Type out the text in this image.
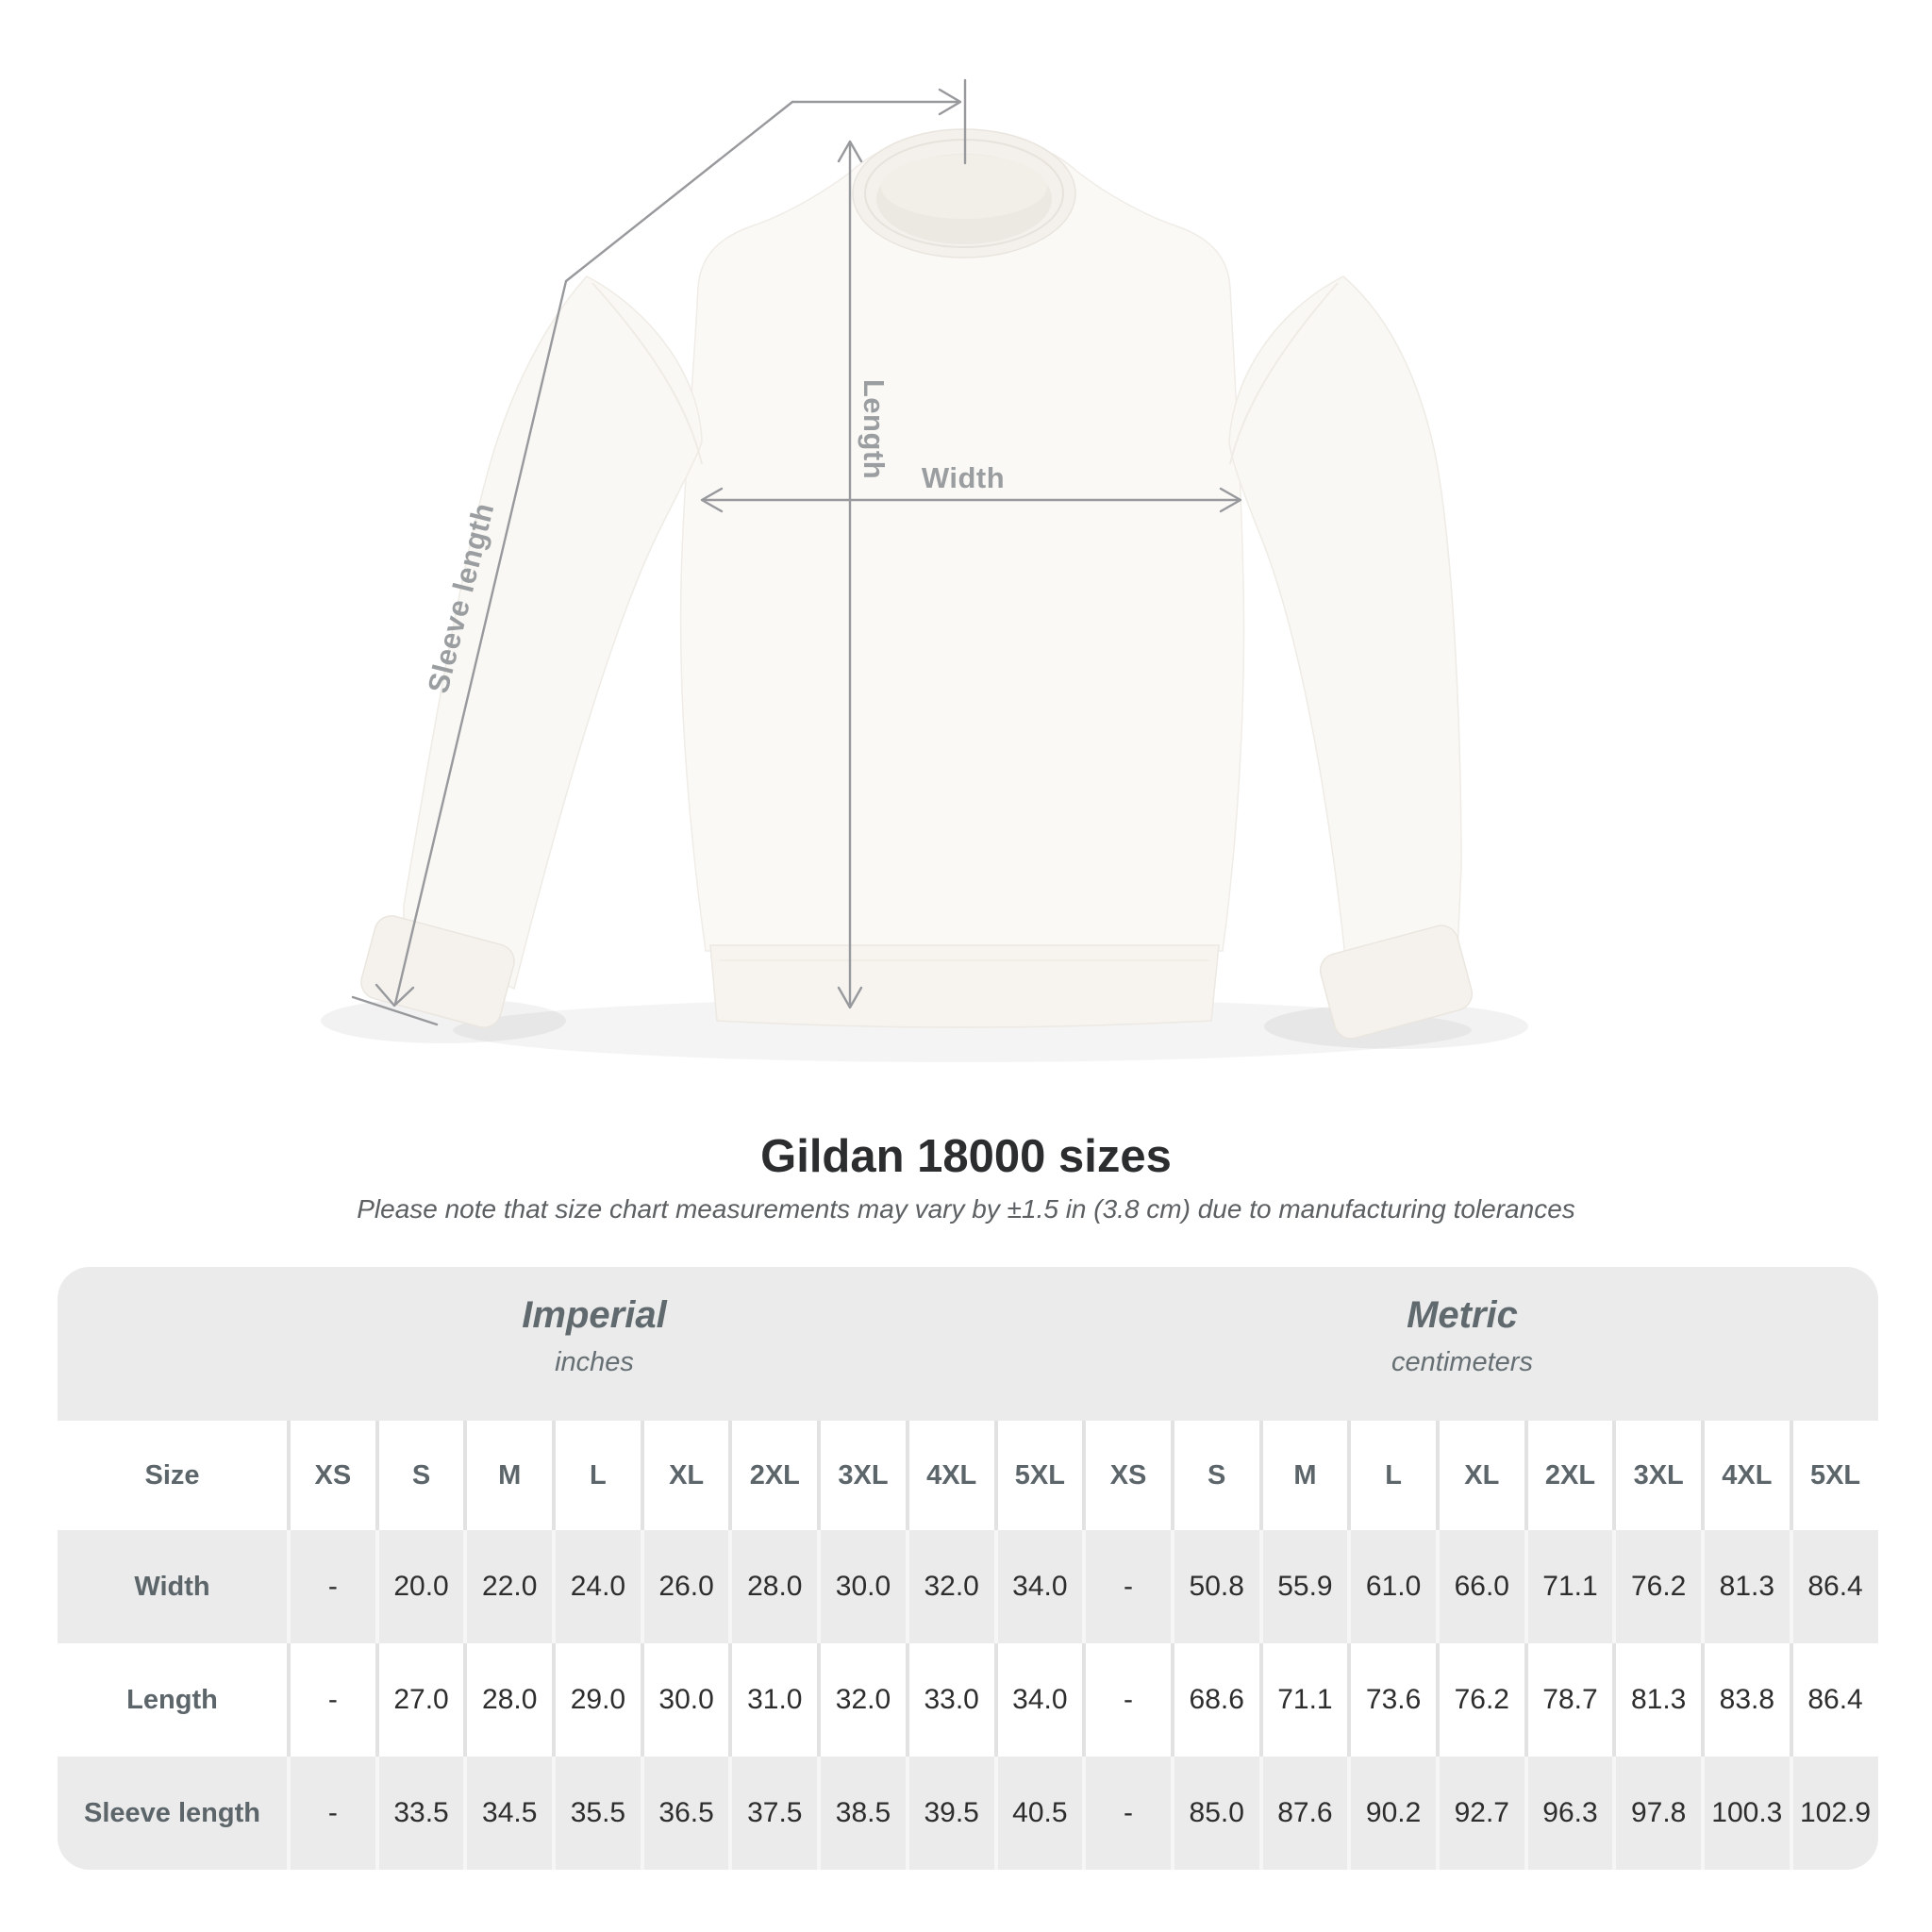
Length Width
Sleeve length
Gildan 18000 sizes

Please note that size chart measurements may vary by ±1.5 in (3.8 cm) due to manufacturing tolerances

Imperial
inches
Metric
centimeters
Size	XS	S	M	L	XL	2XL	3XL	4XL	5XL	XS	S	M	L	XL	2XL	3XL	4XL	5XL
Width	-	20.0	22.0	24.0	26.0	28.0	30.0	32.0	34.0	-	50.8	55.9	61.0	66.0	71.1	76.2	81.3	86.4
Length	-	27.0	28.0	29.0	30.0	31.0	32.0	33.0	34.0	-	68.6	71.1	73.6	76.2	78.7	81.3	83.8	86.4
Sleeve length	-	33.5	34.5	35.5	36.5	37.5	38.5	39.5	40.5	-	85.0	87.6	90.2	92.7	96.3	97.8 100.3 102.9
